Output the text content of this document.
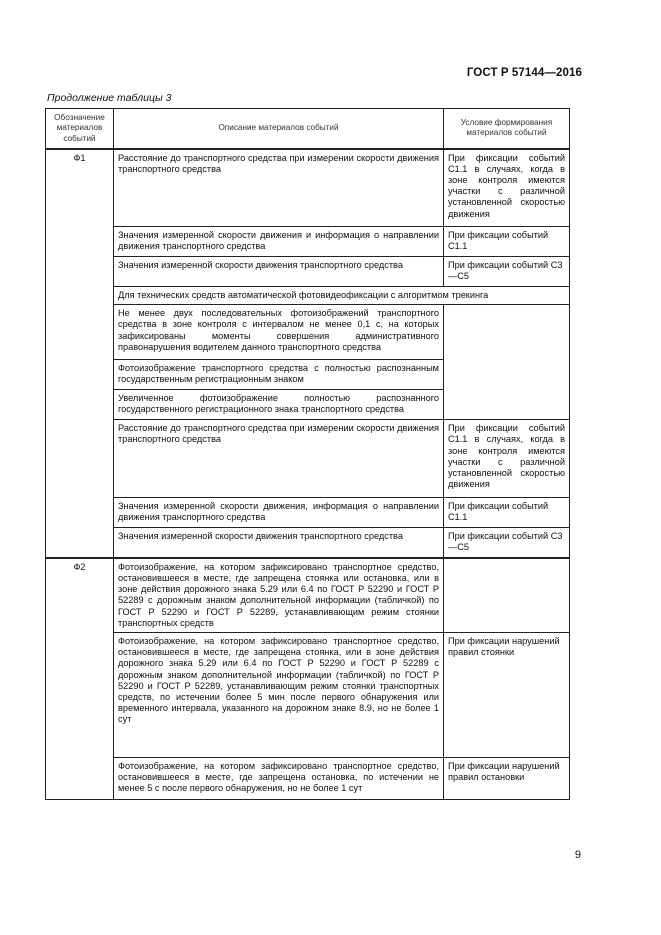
ГОСТ Р 57144—2016
Продолжение таблицы 3
Обозначение материалов событий	Описание материалов событий	Условие формирования материалов событий
Ф1	Расстояние до транспортного средства при измерении скорости движения транспортного средства	При фиксации событий С1.1 в случаях, когда в зоне контроля имеются участки с различной установленной скоростью движения
	Значения измеренной скорости движения и информация о направлении движения транспортного средства	При фиксации событий С1.1
	Значения измеренной скорости движения транспортного средства	При фиксации событий С3—С5
	Для технических средств автоматической фотовидеофиксации с алгоритмом трекинга	
	Не менее двух последовательных фотоизображений транспортного средства в зоне контроля с интервалом не менее 0,1 с, на которых зафиксированы моменты совершения административного правонарушения водителем данного транспортного средства	
	Фотоизображение транспортного средства с полностью распознанным государственным регистрационным знаком	
	Увеличенное фотоизображение полностью распознанного государственного регистрационного знака транспортного средства	
	Расстояние до транспортного средства при измерении скорости движения транспортного средства	При фиксации событий С1.1 в случаях, когда в зоне контроля имеются участки с различной установленной скоростью движения
	Значения измеренной скорости движения, информация о направлении движения транспортного средства	При фиксации событий С1.1
	Значения измеренной скорости движения транспортного средства	При фиксации событий С3—С5
Ф2	Фотоизображение, на котором зафиксировано транспортное средство, остановившееся в месте, где запрещена стоянка или остановка, или в зоне действия дорожного знака 5.29 или 6.4 по ГОСТ Р 52290 и ГОСТ Р 52289 с дорожным знаком дополнительной информации (табличкой) по ГОСТ Р 52290 и ГОСТ Р 52289, устанавливающим режим стоянки транспортных средств	
	Фотоизображение, на котором зафиксировано транспортное средство, остановившееся в месте, где запрещена стоянка, или в зоне действия дорожного знака 5.29 или 6.4 по ГОСТ Р 52290 и ГОСТ Р 52289 с дорожным знаком дополнительной информации (табличкой) по ГОСТ Р 52290 и ГОСТ Р 52289, устанавливающим режим стоянки транспортных средств, по истечении более 5 мин после первого обнаружения или временного интервала, указанного на дорожном знаке 8.9, но не более 1 сут	При фиксации нарушений правил стоянки
	Фотоизображение, на котором зафиксировано транспортное средство, остановившееся в месте, где запрещена остановка, по истечении не менее 5 с после первого обнаружения, но не более 1 сут	При фиксации нарушений правил остановки
9
